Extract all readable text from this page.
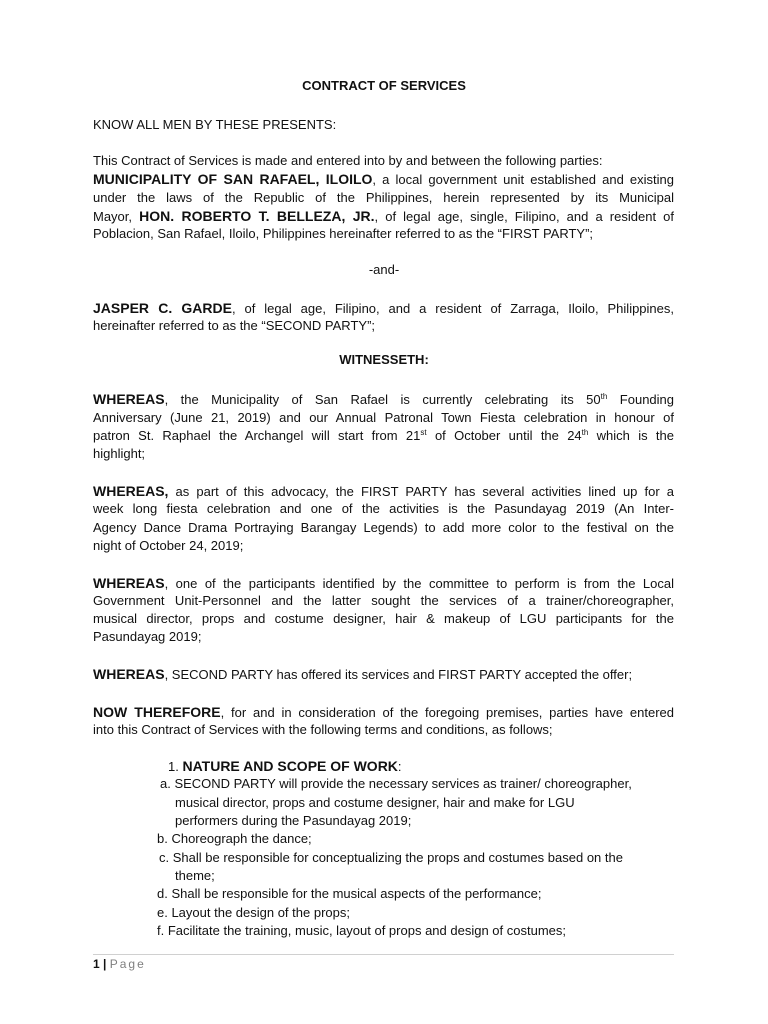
CONTRACT OF SERVICES
KNOW ALL MEN BY THESE PRESENTS:
This Contract of Services is made and entered into by and between the following parties:
MUNICIPALITY OF SAN RAFAEL, ILOILO, a local government unit established and existing
under the laws of the Republic of the Philippines, herein represented by its Municipal
Mayor, HON. ROBERTO T. BELLEZA, JR., of legal age, single, Filipino, and a resident of
Poblacion, San Rafael, Iloilo, Philippines hereinafter referred to as the “FIRST PARTY”;
-and-
JASPER C. GARDE, of legal age, Filipino, and a resident of Zarraga, Iloilo, Philippines,
hereinafter referred to as the “SECOND PARTY”;
WITNESSETH:
WHEREAS, the Municipality of San Rafael is currently celebrating its 50th Founding
Anniversary (June 21, 2019) and our Annual Patronal Town Fiesta celebration in honour of
patron St. Raphael the Archangel will start from 21st of October until the 24th which is the
highlight;
WHEREAS, as part of this advocacy, the FIRST PARTY has several activities lined up for a
week long fiesta celebration and one of the activities is the Pasundayag 2019 (An Inter-
Agency Dance Drama Portraying Barangay Legends) to add more color to the festival on the
night of October 24, 2019;
WHEREAS, one of the participants identified by the committee to perform is from the Local
Government Unit-Personnel and the latter sought the services of a trainer/choreographer,
musical director, props and costume designer, hair & makeup of LGU participants for the
Pasundayag 2019;
WHEREAS, SECOND PARTY has offered its services and FIRST PARTY accepted the offer;
NOW THEREFORE, for and in consideration of the foregoing premises, parties have entered
into this Contract of Services with the following terms and conditions, as follows;
1. NATURE AND SCOPE OF WORK:
a. SECOND PARTY will provide the necessary services as trainer/ choreographer,
musical director, props and costume designer, hair and make for LGU
performers during the Pasundayag 2019;
b. Choreograph the dance;
c. Shall be responsible for conceptualizing the props and costumes based on the
theme;
d. Shall be responsible for the musical aspects of the performance;
e. Layout the design of the props;
f. Facilitate the training, music, layout of props and design of costumes;
1 | Page
